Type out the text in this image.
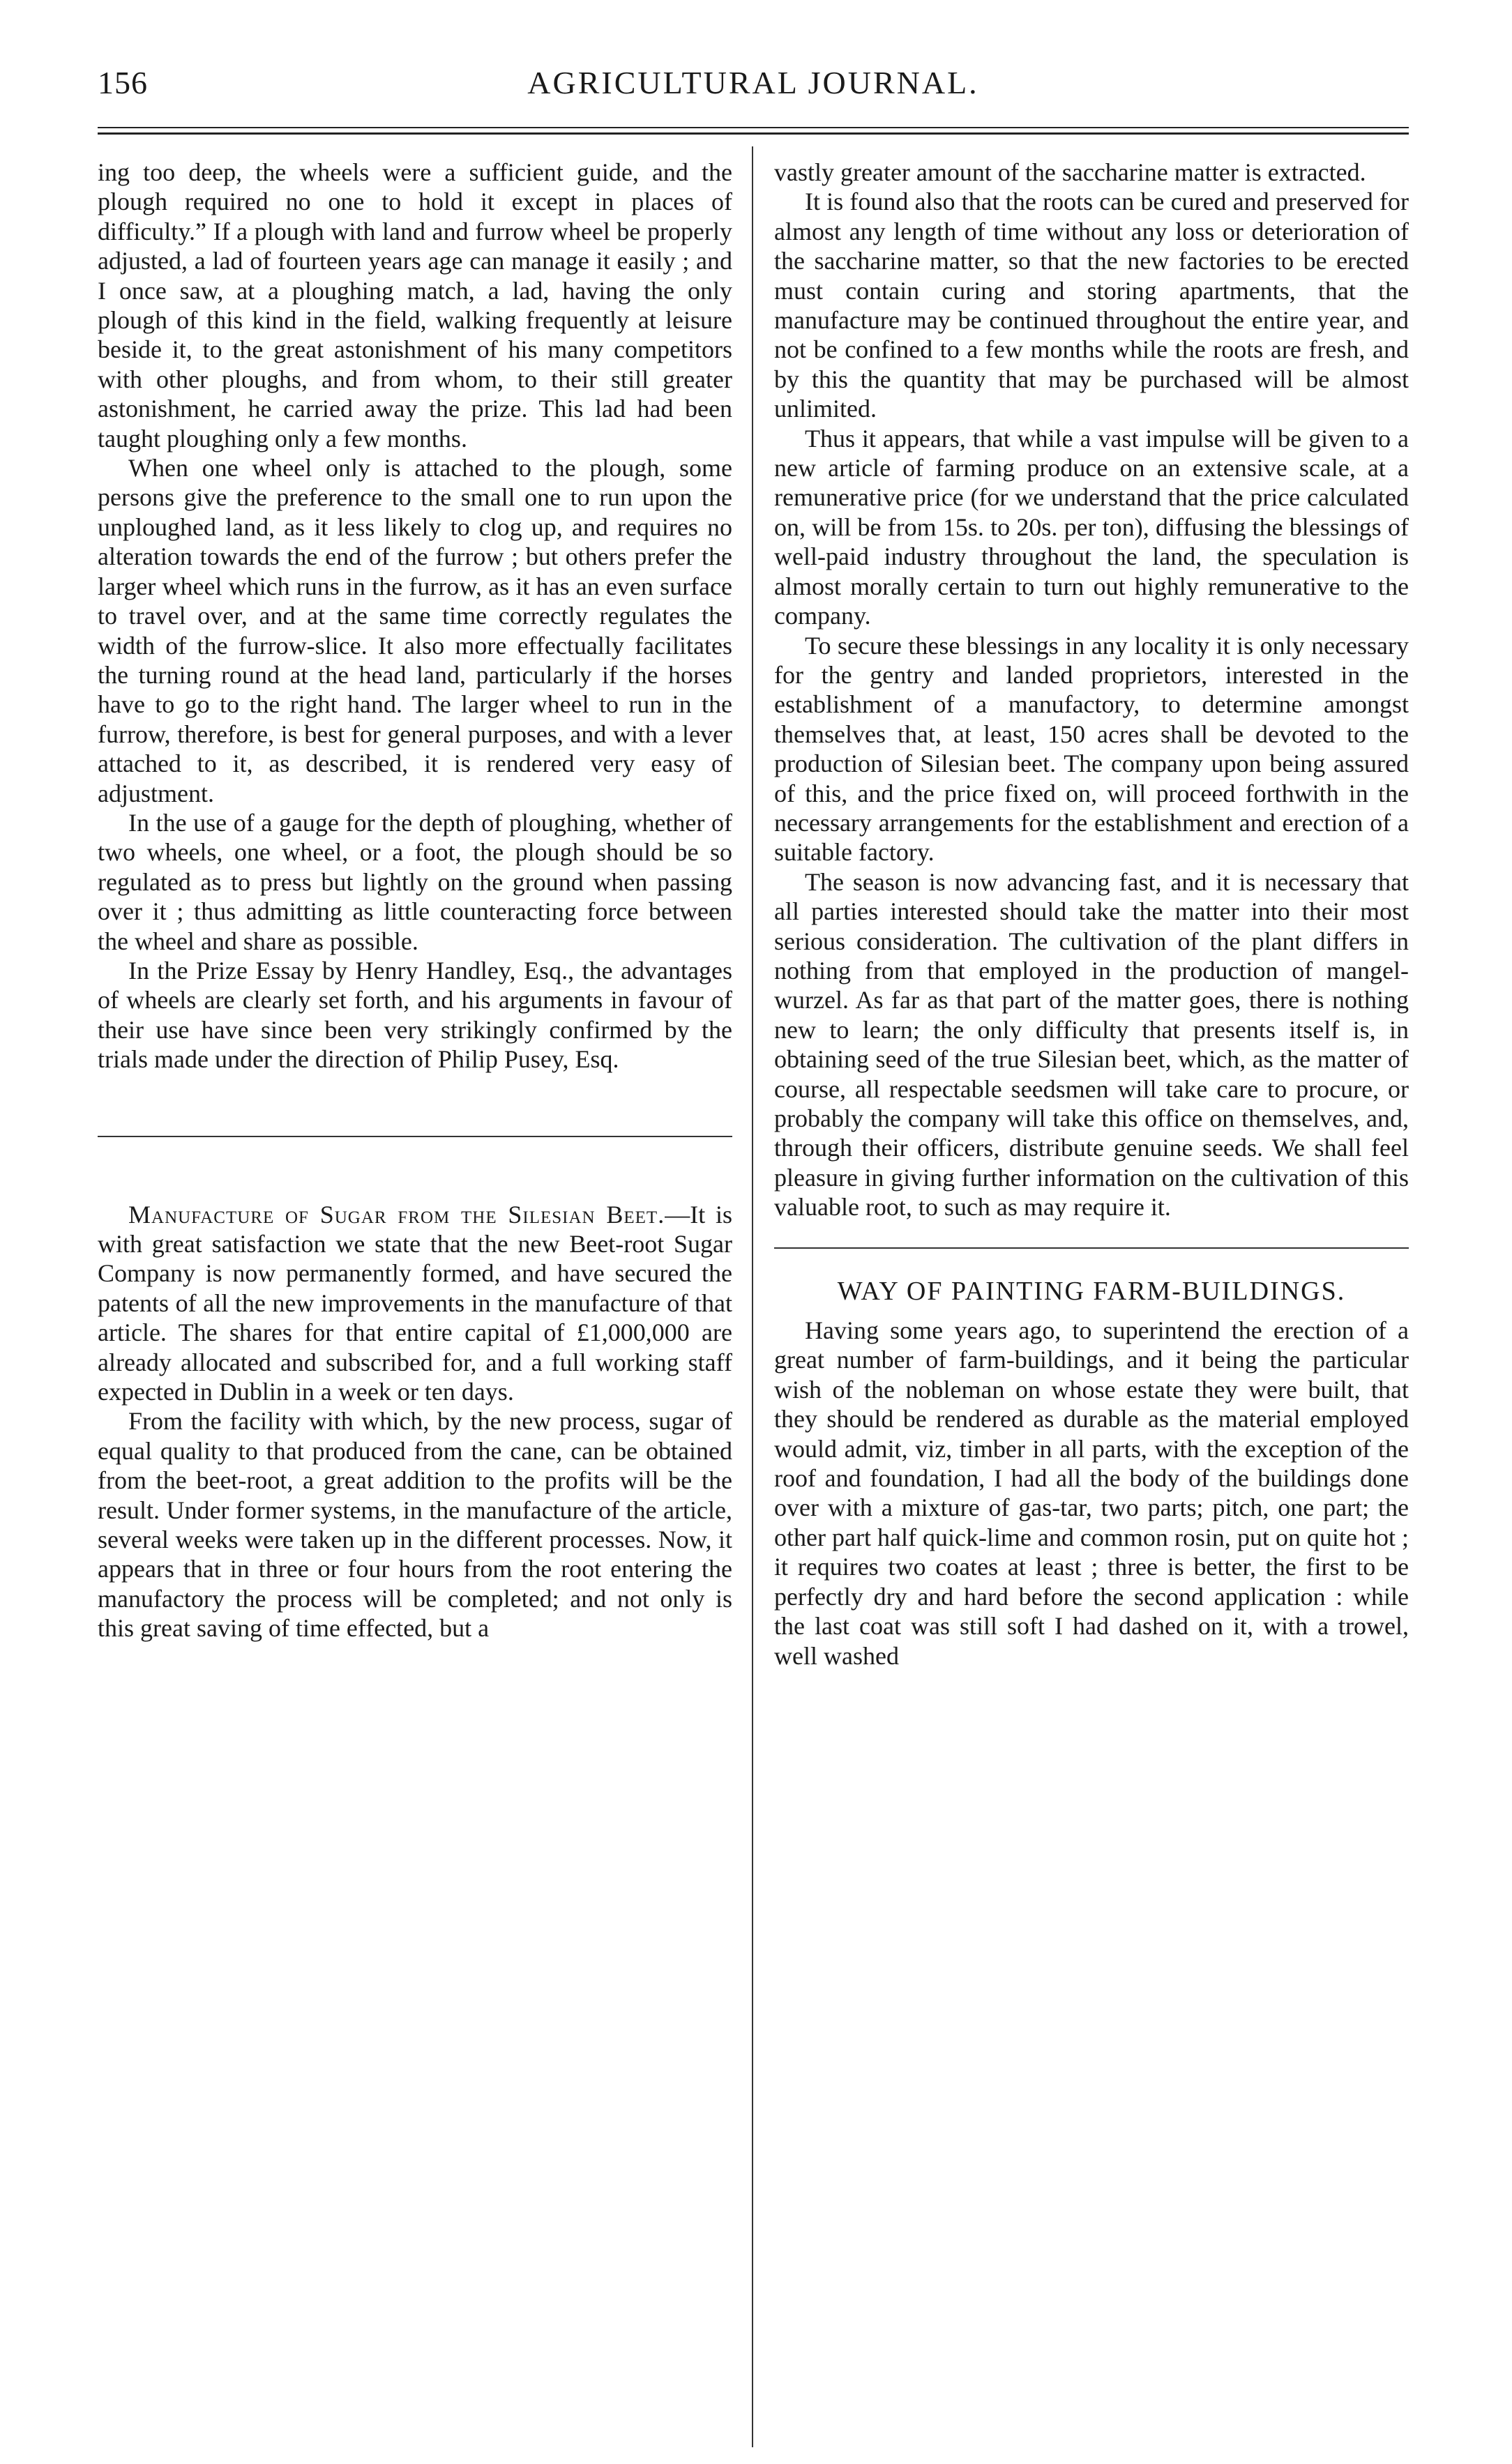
156	AGRICULTURAL JOURNAL.

ing too deep, the wheels were a sufficient guide, and the plough required no one to hold it except in places of difficulty.” If a plough with land and furrow wheel be properly adjusted, a lad of fourteen years age can manage it easily ; and I once saw, at a ploughing match, a lad, having the only plough of this kind in the field, walking frequently at leisure beside it, to the great astonishment of his many competitors with other ploughs, and from whom, to their still greater astonishment, he carried away the prize. This lad had been taught ploughing only a few months.

When one wheel only is attached to the plough, some persons give the preference to the small one to run upon the unploughed land, as it less likely to clog up, and requires no alteration towards the end of the furrow ; but others prefer the larger wheel which runs in the furrow, as it has an even surface to travel over, and at the same time correctly regulates the width of the furrow-slice. It also more effectually facilitates the turning round at the head land, particularly if the horses have to go to the right hand. The larger wheel to run in the furrow, therefore, is best for general purposes, and with a lever attached to it, as described, it is rendered very easy of adjustment.

In the use of a gauge for the depth of ploughing, whether of two wheels, one wheel, or a foot, the plough should be so regulated as to press but lightly on the ground when passing over it ; thus admitting as little counteracting force between the wheel and share as possible.

In the Prize Essay by Henry Handley, Esq., the advantages of wheels are clearly set forth, and his arguments in favour of their use have since been very strikingly confirmed by the trials made under the direction of Philip Pusey, Esq.

Manufacture of Sugar from the Silesian Beet.—It is with great satisfaction we state that the new Beet-root Sugar Company is now permanently formed, and have secured the patents of all the new improvements in the manufacture of that article. The shares for that entire capital of £1,000,000 are already allocated and subscribed for, and a full working staff expected in Dublin in a week or ten days.

From the facility with which, by the new process, sugar of equal quality to that produced from the cane, can be obtained from the beet-root, a great addition to the profits will be the result. Under former systems, in the manufacture of the article, several weeks were taken up in the different processes. Now, it appears that in three or four hours from the root entering the manufactory the process will be completed; and not only is this great saving of time effected, but a

vastly greater amount of the saccharine matter is extracted.

It is found also that the roots can be cured and preserved for almost any length of time without any loss or deterioration of the saccharine matter, so that the new factories to be erected must contain curing and storing apartments, that the manufacture may be continued throughout the entire year, and not be confined to a few months while the roots are fresh, and by this the quantity that may be purchased will be almost unlimited.

Thus it appears, that while a vast impulse will be given to a new article of farming produce on an extensive scale, at a remunerative price (for we understand that the price calculated on, will be from 15s. to 20s. per ton), diffusing the blessings of well-paid industry throughout the land, the speculation is almost morally certain to turn out highly remunerative to the company.

To secure these blessings in any locality it is only necessary for the gentry and landed proprietors, interested in the establishment of a manufactory, to determine amongst themselves that, at least, 150 acres shall be devoted to the production of Silesian beet. The company upon being assured of this, and the price fixed on, will proceed forthwith in the necessary arrangements for the establishment and erection of a suitable factory.

The season is now advancing fast, and it is necessary that all parties interested should take the matter into their most serious consideration. The cultivation of the plant differs in nothing from that employed in the production of mangel-wurzel. As far as that part of the matter goes, there is nothing new to learn; the only difficulty that presents itself is, in obtaining seed of the true Silesian beet, which, as the matter of course, all respectable seedsmen will take care to procure, or probably the company will take this office on themselves, and, through their officers, distribute genuine seeds. We shall feel pleasure in giving further information on the cultivation of this valuable root, to such as may require it.

WAY OF PAINTING FARM-BUILDINGS.

Having some years ago, to superintend the erection of a great number of farm-buildings, and it being the particular wish of the nobleman on whose estate they were built, that they should be rendered as durable as the material employed would admit, viz, timber in all parts, with the exception of the roof and foundation, I had all the body of the buildings done over with a mixture of gas-tar, two parts; pitch, one part; the other part half quick-lime and common rosin, put on quite hot ; it requires two coates at least ; three is better, the first to be perfectly dry and hard before the second application : while the last coat was still soft I had dashed on it, with a trowel, well washed
